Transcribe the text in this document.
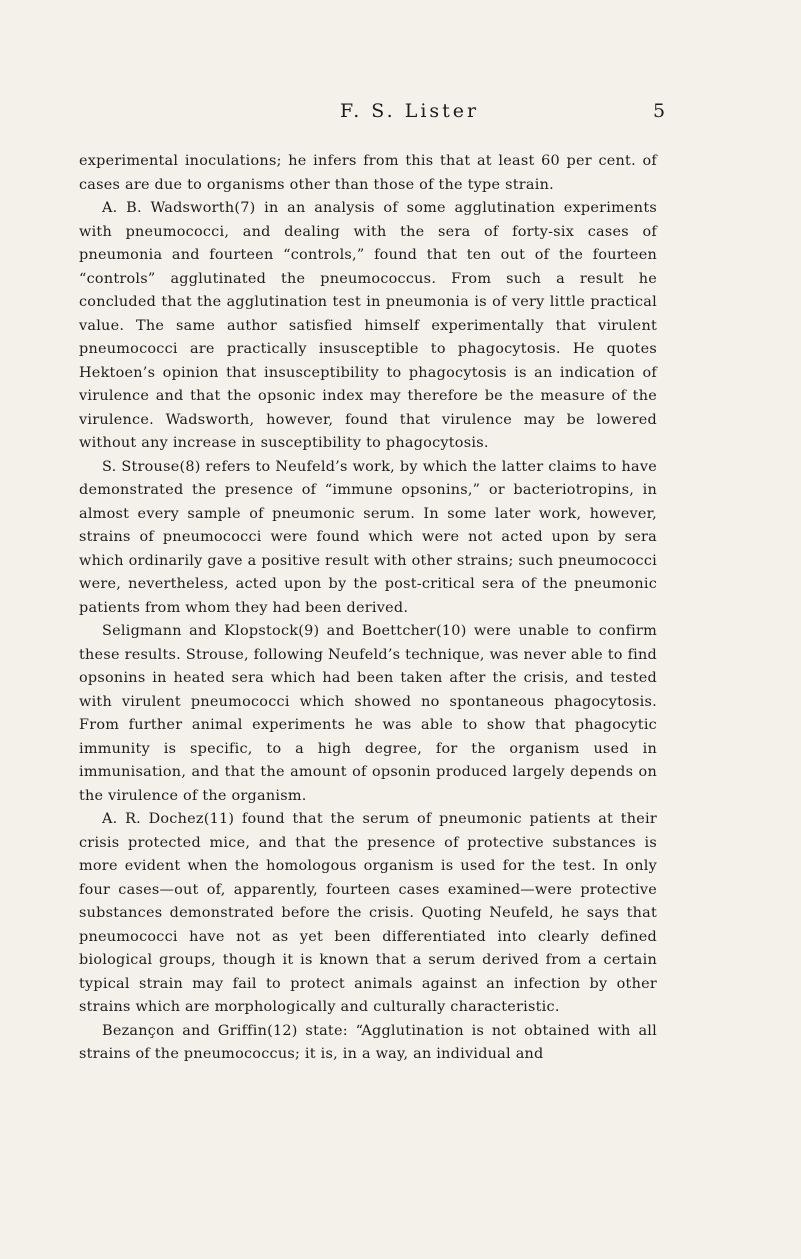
F. S. Lister	5

experimental inoculations; he infers from this that at least 60 per cent. of cases are due to organisms other than those of the type strain.

A. B. Wadsworth(7) in an analysis of some agglutination experiments with pneumococci, and dealing with the sera of forty-six cases of pneumonia and fourteen “controls,” found that ten out of the fourteen “controls” agglutinated the pneumococcus. From such a result he concluded that the agglutination test in pneumonia is of very little practical value. The same author satisfied himself experimentally that virulent pneumococci are practically insusceptible to phagocytosis. He quotes Hektoen’s opinion that insusceptibility to phagocytosis is an indication of virulence and that the opsonic index may therefore be the measure of the virulence. Wadsworth, however, found that virulence may be lowered without any increase in susceptibility to phagocytosis.

S. Strouse(8) refers to Neufeld’s work, by which the latter claims to have demonstrated the presence of “immune opsonins,” or bacteriotropins, in almost every sample of pneumonic serum. In some later work, however, strains of pneumococci were found which were not acted upon by sera which ordinarily gave a positive result with other strains; such pneumococci were, nevertheless, acted upon by the post-critical sera of the pneumonic patients from whom they had been derived.

Seligmann and Klopstock(9) and Boettcher(10) were unable to confirm these results. Strouse, following Neufeld’s technique, was never able to find opsonins in heated sera which had been taken after the crisis, and tested with virulent pneumococci which showed no spontaneous phagocytosis. From further animal experiments he was able to show that phagocytic immunity is specific, to a high degree, for the organism used in immunisation, and that the amount of opsonin produced largely depends on the virulence of the organism.

A. R. Dochez(11) found that the serum of pneumonic patients at their crisis protected mice, and that the presence of protective substances is more evident when the homologous organism is used for the test. In only four cases—out of, apparently, fourteen cases examined—were protective substances demonstrated before the crisis. Quoting Neufeld, he says that pneumococci have not as yet been differentiated into clearly defined biological groups, though it is known that a serum derived from a certain typical strain may fail to protect animals against an infection by other strains which are morphologically and culturally characteristic.

Bezançon and Griffin(12) state: “Agglutination is not obtained with all strains of the pneumococcus; it is, in a way, an individual and
